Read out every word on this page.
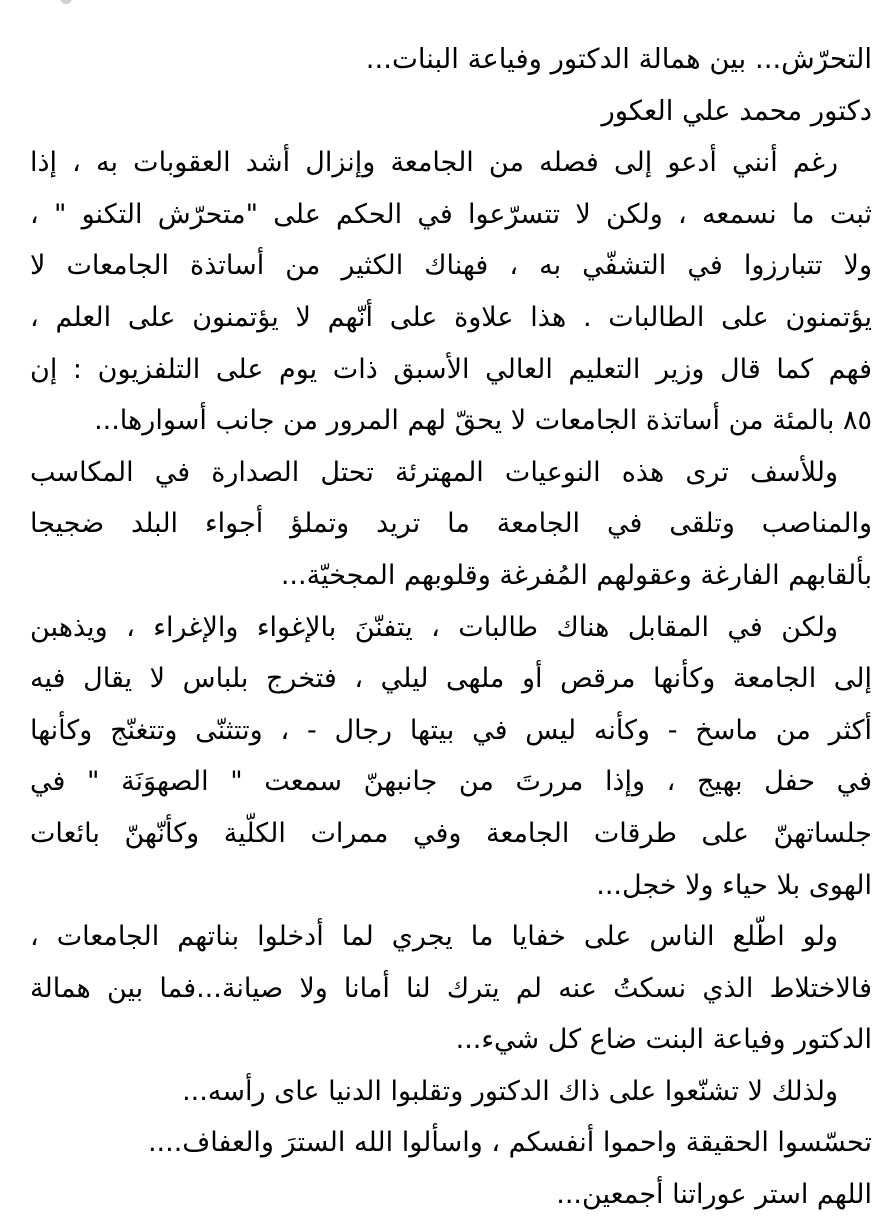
التحرّش... بين همالة الدكتور وفياعة البنات...
دكتور محمد علي العكور
رغم أنني أدعو إلى فصله من الجامعة وإنزال أشد العقوبات به ، إذا
ثبت ما نسمعه ، ولكن لا تتسرّعوا في الحكم على "متحرّش التكنو " ،
ولا تتبارزوا في التشفّي به ، فهناك الكثير من أساتذة الجامعات لا
يؤتمنون على الطالبات . هذا علاوة على أنّهم لا يؤتمنون على العلم ،
فهم كما قال وزير التعليم العالي الأسبق ذات يوم على التلفزيون : إن
٨٥ بالمئة من أساتذة الجامعات لا يحقّ لهم المرور من جانب أسوارها...
وللأسف ترى هذه النوعيات المهترئة تحتل الصدارة في المكاسب
والمناصب وتلقى في الجامعة ما تريد وتملؤ أجواء البلد ضجيجا
بألقابهم الفارغة وعقولهم المُفرغة وقلوبهم المجخيّة...
ولكن في المقابل هناك طالبات ، يتفنّنَ بالإغواء والإغراء ، ويذهبن
إلى الجامعة وكأنها مرقص أو ملهى ليلي ، فتخرج بلباس لا يقال فيه
أكثر من ماسخ - وكأنه ليس في بيتها رجال - ، وتتثنّى وتتغنّج وكأنها
في حفل بهيج ، وإذا مررتَ من جانبهنّ سمعت " الصهوَنَة " في
جلساتهنّ على طرقات الجامعة وفي ممرات الكلّية وكأنّهنّ بائعات
الهوى بلا حياء ولا خجل...
ولو اطّلع الناس على خفايا ما يجري لما أدخلوا بناتهم الجامعات ،
فالاختلاط الذي نسكتُ عنه لم يترك لنا أمانا ولا صيانة...فما بين همالة
الدكتور وفياعة البنت ضاع كل شيء...
ولذلك لا تشنّعوا على ذاك الدكتور وتقلبوا الدنيا عاى رأسه...
تحسّسوا الحقيقة واحموا أنفسكم ، واسألوا الله السترَ والعفاف....
اللهم استر عوراتنا أجمعين...
